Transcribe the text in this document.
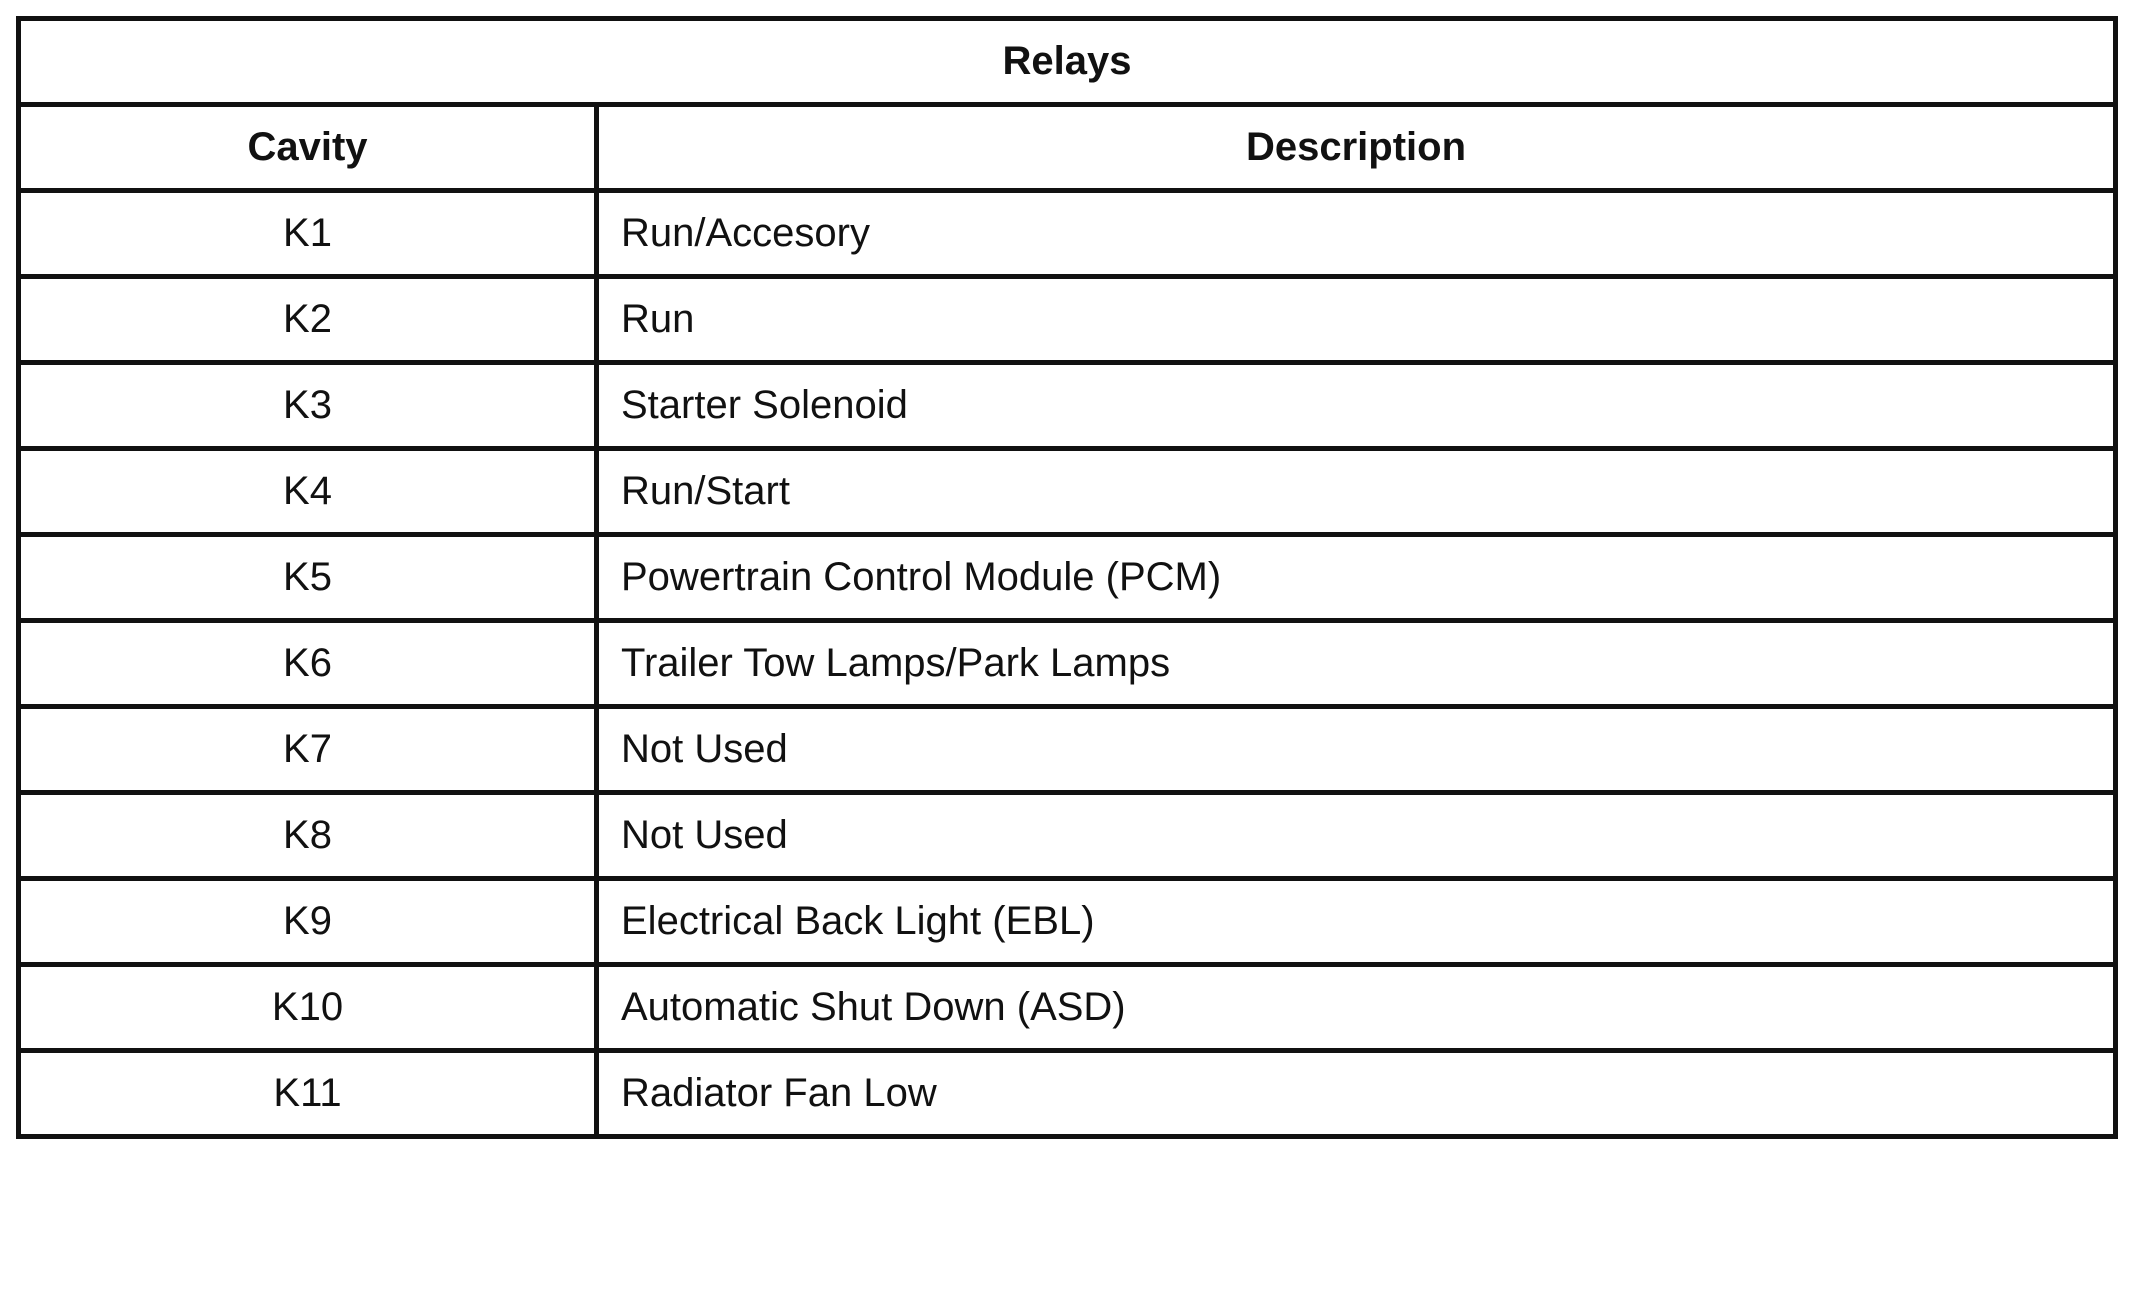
Relays	
Cavity	Description
K1	Run/Accesory
K2	Run
K3	Starter Solenoid
K4	Run/Start
K5	Powertrain Control Module (PCM)
K6	Trailer Tow Lamps/Park Lamps
K7	Not Used
K8	Not Used
K9	Electrical Back Light (EBL)
K10	Automatic Shut Down (ASD)
K11	Radiator Fan Low
